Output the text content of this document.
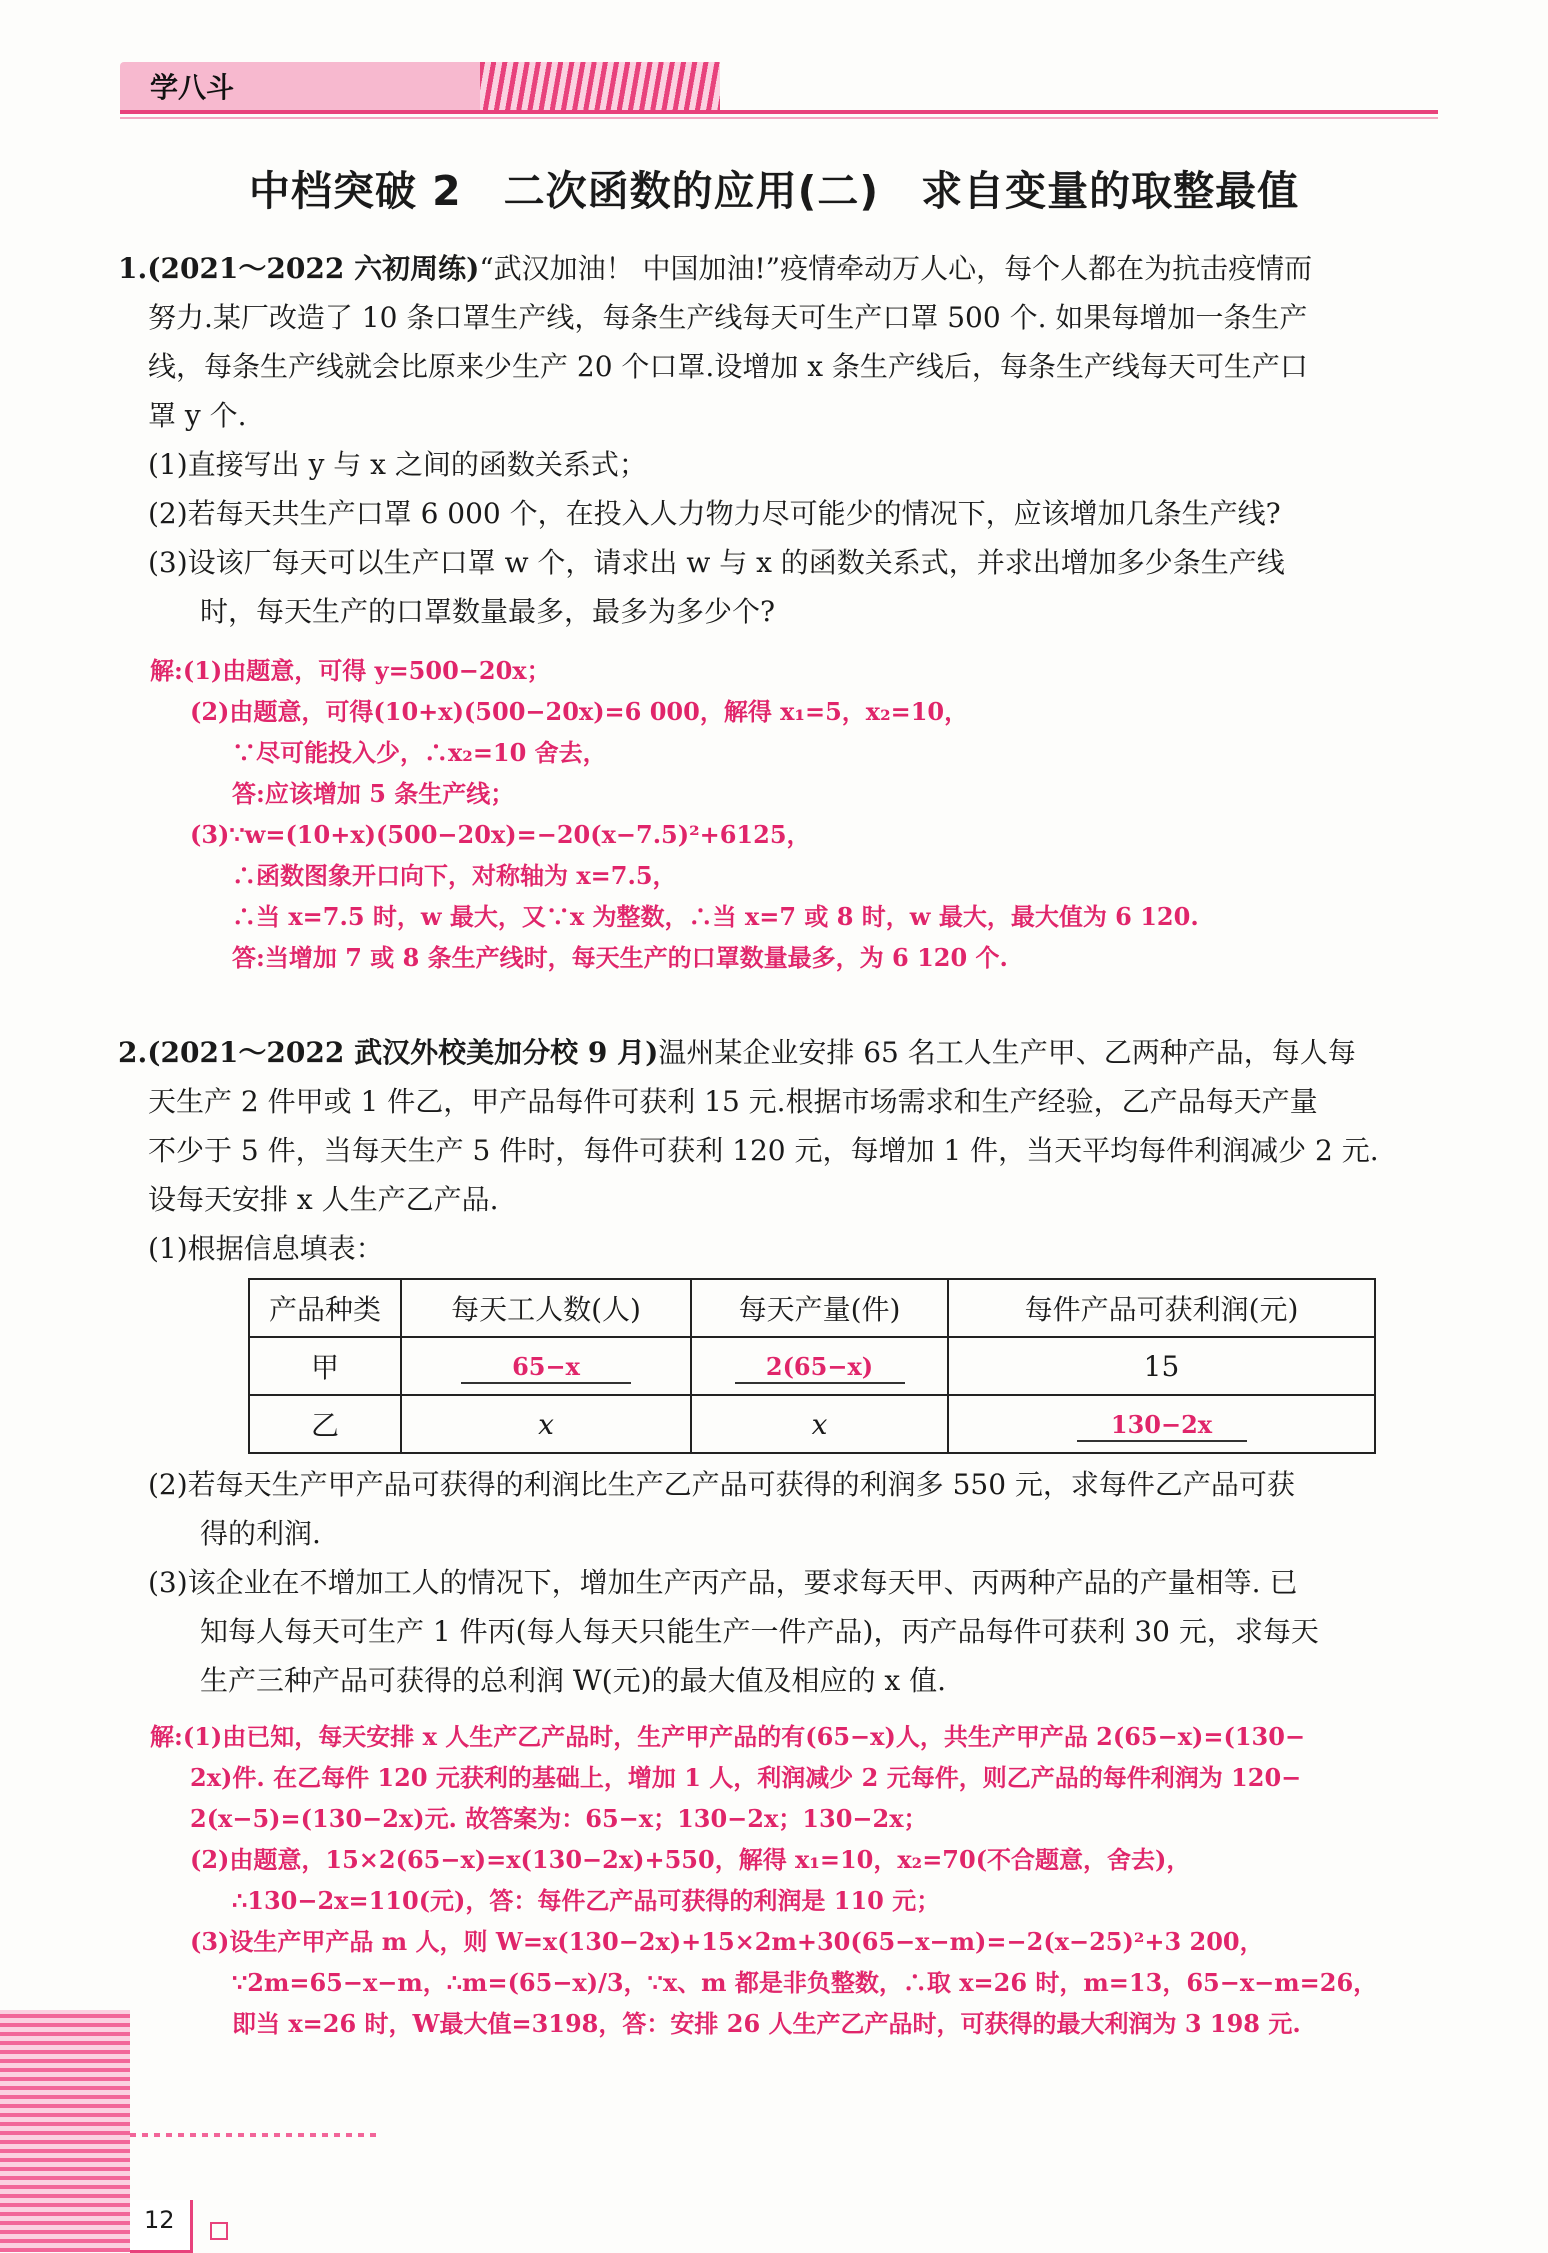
学八斗
中档突破 2　二次函数的应用(二)　求自变量的取整最值

1.(2021～2022 六初周练)“武汉加油！ 中国加油!”疫情牵动万人心，每个人都在为抗击疫情而

努力.某厂改造了 10 条口罩生产线，每条生产线每天可生产口罩 500 个. 如果每增加一条生产

线，每条生产线就会比原来少生产 20 个口罩.设增加 x 条生产线后，每条生产线每天可生产口

罩 y 个.

(1)直接写出 y 与 x 之间的函数关系式；

(2)若每天共生产口罩 6 000 个，在投入人力物力尽可能少的情况下，应该增加几条生产线?

(3)设该厂每天可以生产口罩 w 个，请求出 w 与 x 的函数关系式，并求出增加多少条生产线

时，每天生产的口罩数量最多，最多为多少个?

解:(1)由题意，可得 y=500−20x；

(2)由题意，可得(10+x)(500−20x)=6 000，解得 x₁=5，x₂=10，

∵尽可能投入少，∴x₂=10 舍去，

答:应该增加 5 条生产线；

(3)∵w=(10+x)(500−20x)=−20(x−7.5)²+6125，

∴函数图象开口向下，对称轴为 x=7.5，

∴当 x=7.5 时，w 最大，又∵x 为整数，∴当 x=7 或 8 时，w 最大，最大值为 6 120.

答:当增加 7 或 8 条生产线时，每天生产的口罩数量最多，为 6 120 个.

2.(2021～2022 武汉外校美加分校 9 月)温州某企业安排 65 名工人生产甲、乙两种产品，每人每

天生产 2 件甲或 1 件乙，甲产品每件可获利 15 元.根据市场需求和生产经验，乙产品每天产量

不少于 5 件，当每天生产 5 件时，每件可获利 120 元，每增加 1 件，当天平均每件利润减少 2 元.

设每天安排 x 人生产乙产品.

(1)根据信息填表：

产品种类	每天工人数(人)	每天产量(件)	每件产品可获利润(元)
甲	65−x	2(65−x)	15
乙	x	x	130−2x

(2)若每天生产甲产品可获得的利润比生产乙产品可获得的利润多 550 元，求每件乙产品可获

得的利润.

(3)该企业在不增加工人的情况下，增加生产丙产品，要求每天甲、丙两种产品的产量相等. 已

知每人每天可生产 1 件丙(每人每天只能生产一件产品)，丙产品每件可获利 30 元，求每天

生产三种产品可获得的总利润 W(元)的最大值及相应的 x 值.

解:(1)由已知，每天安排 x 人生产乙产品时，生产甲产品的有(65−x)人，共生产甲产品 2(65−x)=(130−

2x)件. 在乙每件 120 元获利的基础上，增加 1 人，利润减少 2 元每件，则乙产品的每件利润为 120−

2(x−5)=(130−2x)元. 故答案为：65−x；130−2x；130−2x；

(2)由题意，15×2(65−x)=x(130−2x)+550，解得 x₁=10，x₂=70(不合题意，舍去)，

∴130−2x=110(元)，答：每件乙产品可获得的利润是 110 元；

(3)设生产甲产品 m 人，则 W=x(130−2x)+15×2m+30(65−x−m)=−2(x−25)²+3 200，

∵2m=65−x−m，∴m=(65−x)/3，∵x、m 都是非负整数，∴取 x=26 时，m=13，65−x−m=26，

即当 x=26 时，W最大值=3198，答：安排 26 人生产乙产品时，可获得的最大利润为 3 198 元.

12
